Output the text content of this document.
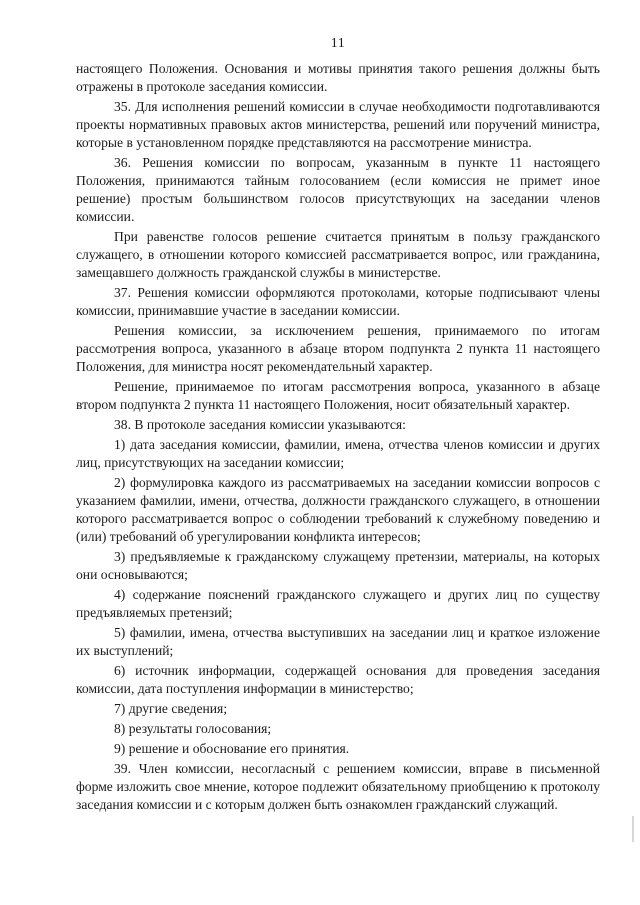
11

настоящего Положения. Основания и мотивы принятия такого решения должны быть отражены в протоколе заседания комиссии.

35. Для исполнения решений комиссии в случае необходимости подготавливаются проекты нормативных правовых актов министерства, решений или поручений министра, которые в установленном порядке представляются на рассмотрение министра.

36. Решения комиссии по вопросам, указанным в пункте 11 настоящего Положения, принимаются тайным голосованием (если комиссия не примет иное решение) простым большинством голосов присутствующих на заседании членов комиссии.

При равенстве голосов решение считается принятым в пользу гражданского служащего, в отношении которого комиссией рассматривается вопрос, или гражданина, замещавшего должность гражданской службы в министерстве.

37. Решения комиссии оформляются протоколами, которые подписывают члены комиссии, принимавшие участие в заседании комиссии.

Решения комиссии, за исключением решения, принимаемого по итогам рассмотрения вопроса, указанного в абзаце втором подпункта 2 пункта 11 настоящего Положения, для министра носят рекомендательный характер.

Решение, принимаемое по итогам рассмотрения вопроса, указанного в абзаце втором подпункта 2 пункта 11 настоящего Положения, носит обязательный характер.

38. В протоколе заседания комиссии указываются:

1) дата заседания комиссии, фамилии, имена, отчества членов комиссии и других лиц, присутствующих на заседании комиссии;

2) формулировка каждого из рассматриваемых на заседании комиссии вопросов с указанием фамилии, имени, отчества, должности гражданского служащего, в отношении которого рассматривается вопрос о соблюдении требований к служебному поведению и (или) требований об урегулировании конфликта интересов;

3) предъявляемые к гражданскому служащему претензии, материалы, на которых они основываются;

4) содержание пояснений гражданского служащего и других лиц по существу предъявляемых претензий;

5) фамилии, имена, отчества выступивших на заседании лиц и краткое изложение их выступлений;

6) источник информации, содержащей основания для проведения заседания комиссии, дата поступления информации в министерство;

7) другие сведения;

8) результаты голосования;

9) решение и обоснование его принятия.

39. Член комиссии, несогласный с решением комиссии, вправе в письменной форме изложить свое мнение, которое подлежит обязательному приобщению к протоколу заседания комиссии и с которым должен быть ознакомлен гражданский служащий.
